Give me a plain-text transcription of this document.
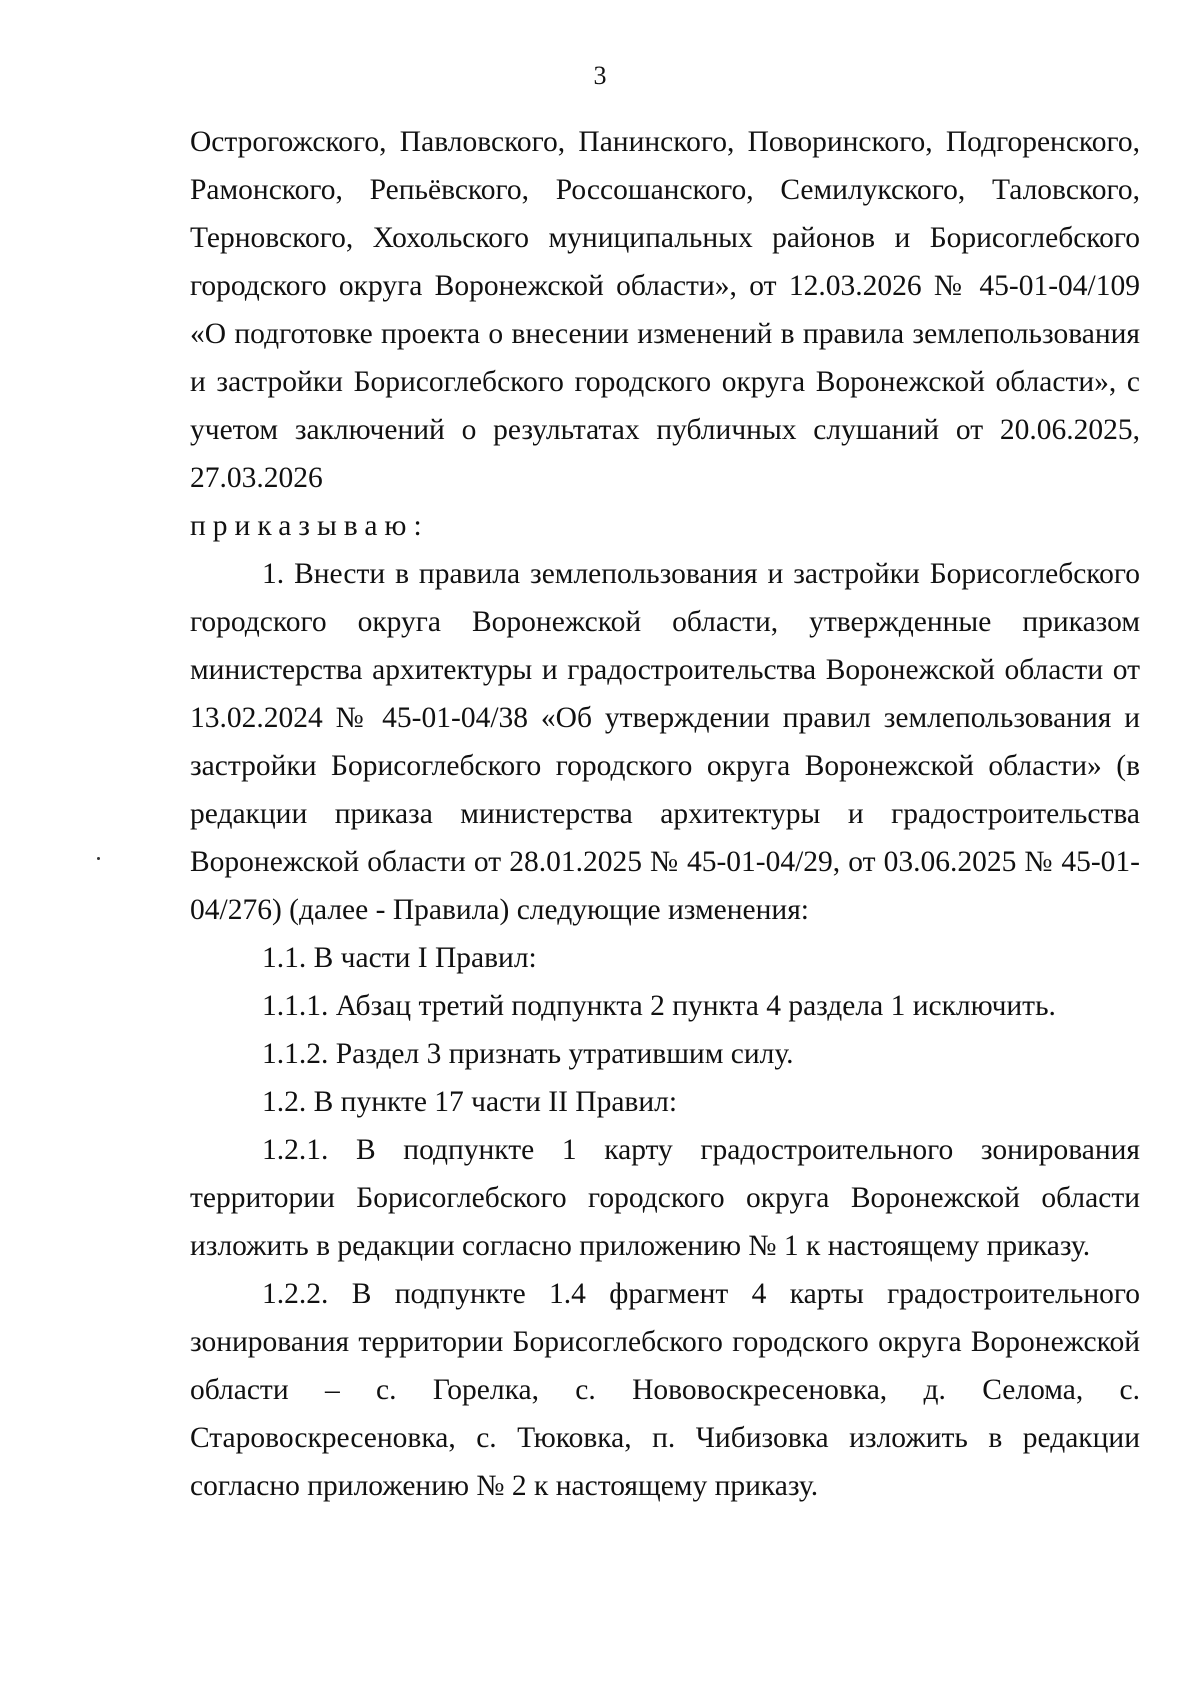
3

Острогожского, Павловского, Панинского, Поворинского, Подгоренского, Рамонского, Репьёвского, Россошанского, Семилукского, Таловского, Терновского, Хохольского муниципальных районов и Борисоглебского городского округа Воронежской области», от 12.03.2026 № 45-01-04/109 «О подготовке проекта о внесении изменений в правила землепользования и застройки Борисоглебского городского округа Воронежской области», с учетом заключений о результатах публичных слушаний от 20.06.2025, 27.03.2026

приказываю:

1. Внести в правила землепользования и застройки Борисоглебского городского округа Воронежской области, утвержденные приказом министерства архитектуры и градостроительства Воронежской области от 13.02.2024 № 45-01-04/38 «Об утверждении правил землепользования и застройки Борисоглебского городского округа Воронежской области» (в редакции приказа министерства архитектуры и градостроительства Воронежской области от 28.01.2025 № 45-01-04/29, от 03.06.2025 № 45-01-04/276) (далее - Правила) следующие изменения:

1.1. В части I Правил:

1.1.1. Абзац третий подпункта 2 пункта 4 раздела 1 исключить.

1.1.2. Раздел 3 признать утратившим силу.

1.2. В пункте 17 части II Правил:

1.2.1. В подпункте 1 карту градостроительного зонирования территории Борисоглебского городского округа Воронежской области изложить в редакции согласно приложению № 1 к настоящему приказу.

1.2.2. В подпункте 1.4 фрагмент 4 карты градостроительного зонирования территории Борисоглебского городского округа Воронежской области – с. Горелка, с. Нововоскресеновка, д. Селома, с. Старовоскресеновка, с. Тюковка, п. Чибизовка изложить в редакции согласно приложению № 2 к настоящему приказу.
